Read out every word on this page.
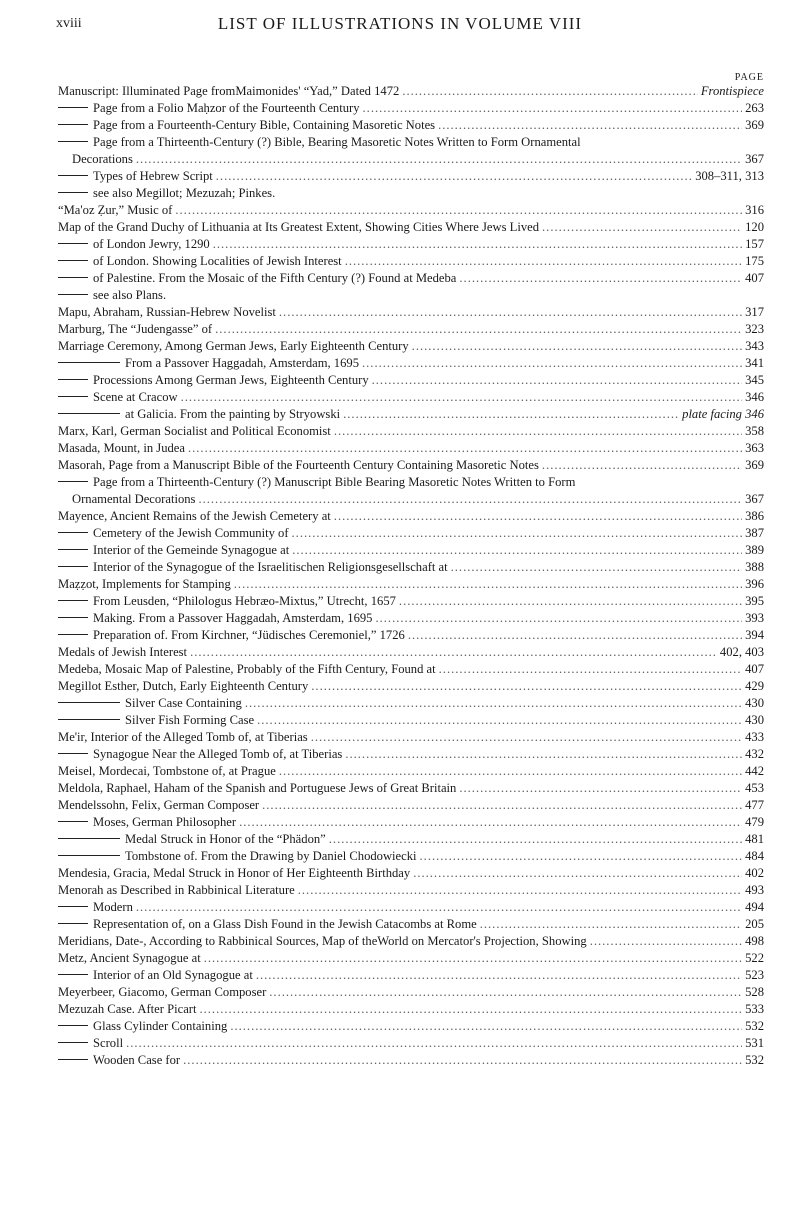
xviii	LIST OF ILLUSTRATIONS IN VOLUME VIII
PAGE
Manuscript: Illuminated Page fromMaimonides' “Yad,” Dated 1472 .....	Frontispiece
Page from a Folio Maḥzor of the Fourteenth Century .....	263
Page from a Fourteenth-Century Bible, Containing Masoretic Notes .....	369
Page from a Thirteenth-Century (?) Bible, Bearing Masoretic Notes Written to Form Ornamental
Decorations .....	367
Types of Hebrew Script .....	308–311, 313
see also Megillot; Mezuzah; Pinkes.
“Ma'oz Ẓur,” Music of .....	316
Map of the Grand Duchy of Lithuania at Its Greatest Extent, Showing Cities Where Jews Lived .....	120
of London Jewry, 1290 .....	157
of London. Showing Localities of Jewish Interest .....	175
of Palestine. From the Mosaic of the Fifth Century (?) Found at Medeba .....	407
see also Plans.
Mapu, Abraham, Russian-Hebrew Novelist .....	317
Marburg, The “Judengasse” of .....	323
Marriage Ceremony, Among German Jews, Early Eighteenth Century .....	343
From a Passover Haggadah, Amsterdam, 1695 .....	341
Processions Among German Jews, Eighteenth Century .....	345
Scene at Cracow .....	346
at Galicia. From the painting by Stryowski .....	plate facing 346
Marx, Karl, German Socialist and Political Economist .....	358
Masada, Mount, in Judea .....	363
Masorah, Page from a Manuscript Bible of the Fourteenth Century Containing Masoretic Notes .....	369
Page from a Thirteenth-Century (?) Manuscript Bible Bearing Masoretic Notes Written to Form
Ornamental Decorations .....	367
Mayence, Ancient Remains of the Jewish Cemetery at .....	386
Cemetery of the Jewish Community of .....	387
Interior of the Gemeinde Synagogue at .....	389
Interior of the Synagogue of the Israelitischen Religionsgesellschaft at .....	388
Maẓẓot, Implements for Stamping .....	396
From Leusden, “Philologus Hebræo-Mixtus,” Utrecht, 1657 .....	395
Making. From a Passover Haggadah, Amsterdam, 1695 .....	393
Preparation of. From Kirchner, “Jüdisches Ceremoniel,” 1726 .....	394
Medals of Jewish Interest .....	402, 403
Medeba, Mosaic Map of Palestine, Probably of the Fifth Century, Found at .....	407
Megillot Esther, Dutch, Early Eighteenth Century .....	429
Silver Case Containing .....	430
Silver Fish Forming Case .....	430
Me'ir, Interior of the Alleged Tomb of, at Tiberias .....	433
Synagogue Near the Alleged Tomb of, at Tiberias .....	432
Meisel, Mordecai, Tombstone of, at Prague .....	442
Meldola, Raphael, Haham of the Spanish and Portuguese Jews of Great Britain .....	453
Mendelssohn, Felix, German Composer .....	477
Moses, German Philosopher .....	479
Medal Struck in Honor of the “Phädon” .....	481
Tombstone of. From the Drawing by Daniel Chodowiecki .....	484
Mendesia, Gracia, Medal Struck in Honor of Her Eighteenth Birthday .....	402
Menorah as Described in Rabbinical Literature .....	493
Modern .....	494
Representation of, on a Glass Dish Found in the Jewish Catacombs at Rome .....	205
Meridians, Date-, According to Rabbinical Sources, Map of theWorld on Mercator's Projection, Showing .....	498
Metz, Ancient Synagogue at .....	522
Interior of an Old Synagogue at .....	523
Meyerbeer, Giacomo, German Composer .....	528
Mezuzah Case. After Picart .....	533
Glass Cylinder Containing .....	532
Scroll .....	531
Wooden Case for .....	532
